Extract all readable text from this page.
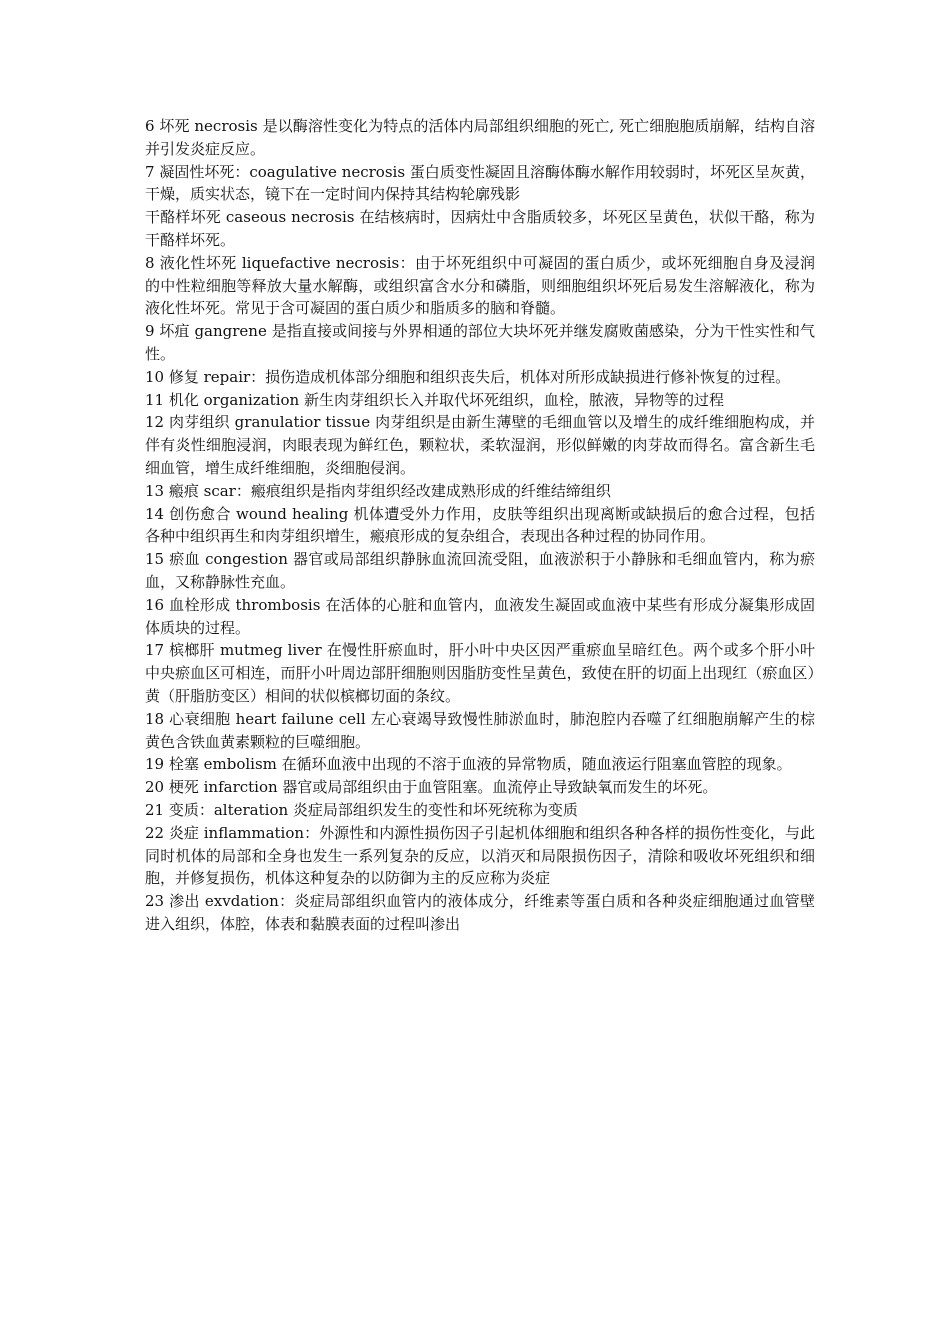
6 坏死 necrosis 是以酶溶性变化为特点的活体内局部组织细胞的死亡, 死亡细胞胞质崩解，结构自溶并引发炎症反应。

7 凝固性坏死：coagulative necrosis 蛋白质变性凝固且溶酶体酶水解作用较弱时，坏死区呈灰黄，干燥，质实状态，镜下在一定时间内保持其结构轮廓残影

干酪样坏死 caseous necrosis 在结核病时，因病灶中含脂质较多，坏死区呈黄色，状似干酪，称为干酪样坏死。

8 液化性坏死 liquefactive necrosis：由于坏死组织中可凝固的蛋白质少，或坏死细胞自身及浸润的中性粒细胞等释放大量水解酶，或组织富含水分和磷脂，则细胞组织坏死后易发生溶解液化，称为液化性坏死。常见于含可凝固的蛋白质少和脂质多的脑和脊髓。

9 坏疽 gangrene 是指直接或间接与外界相通的部位大块坏死并继发腐败菌感染，分为干性实性和气性。

10 修复 repair：损伤造成机体部分细胞和组织丧失后，机体对所形成缺损进行修补恢复的过程。

11 机化 organization 新生肉芽组织长入并取代坏死组织，血栓，脓液，异物等的过程

12 肉芽组织 granulatior tissue 肉芽组织是由新生薄壁的毛细血管以及增生的成纤维细胞构成，并伴有炎性细胞浸润，肉眼表现为鲜红色，颗粒状，柔软湿润，形似鲜嫩的肉芽故而得名。富含新生毛细血管，增生成纤维细胞，炎细胞侵润。

13 瘢痕 scar：瘢痕组织是指肉芽组织经改建成熟形成的纤维结缔组织

14 创伤愈合 wound healing 机体遭受外力作用，皮肤等组织出现离断或缺损后的愈合过程，包括各种中组织再生和肉芽组织增生，瘢痕形成的复杂组合，表现出各种过程的协同作用。

15 瘀血 congestion 器官或局部组织静脉血流回流受阻，血液淤积于小静脉和毛细血管内，称为瘀血，又称静脉性充血。

16 血栓形成 thrombosis 在活体的心脏和血管内，血液发生凝固或血液中某些有形成分凝集形成固体质块的过程。

17 槟榔肝 mutmeg liver 在慢性肝瘀血时，肝小叶中央区因严重瘀血呈暗红色。两个或多个肝小叶中央瘀血区可相连，而肝小叶周边部肝细胞则因脂肪变性呈黄色，致使在肝的切面上出现红（瘀血区）黄（肝脂肪变区）相间的状似槟榔切面的条纹。

18 心衰细胞 heart failune cell 左心衰竭导致慢性肺淤血时，肺泡腔内吞噬了红细胞崩解产生的棕黄色含铁血黄素颗粒的巨噬细胞。

19 栓塞 embolism 在循环血液中出现的不溶于血液的异常物质，随血液运行阻塞血管腔的现象。

20 梗死 infarction 器官或局部组织由于血管阻塞。血流停止导致缺氧而发生的坏死。

21 变质：alteration 炎症局部组织发生的变性和坏死统称为变质

22 炎症 inflammation：外源性和内源性损伤因子引起机体细胞和组织各种各样的损伤性变化，与此同时机体的局部和全身也发生一系列复杂的反应，以消灭和局限损伤因子，清除和吸收坏死组织和细胞，并修复损伤，机体这种复杂的以防御为主的反应称为炎症

23 渗出 exvdation：炎症局部组织血管内的液体成分，纤维素等蛋白质和各种炎症细胞通过血管壁进入组织，体腔，体表和黏膜表面的过程叫渗出
